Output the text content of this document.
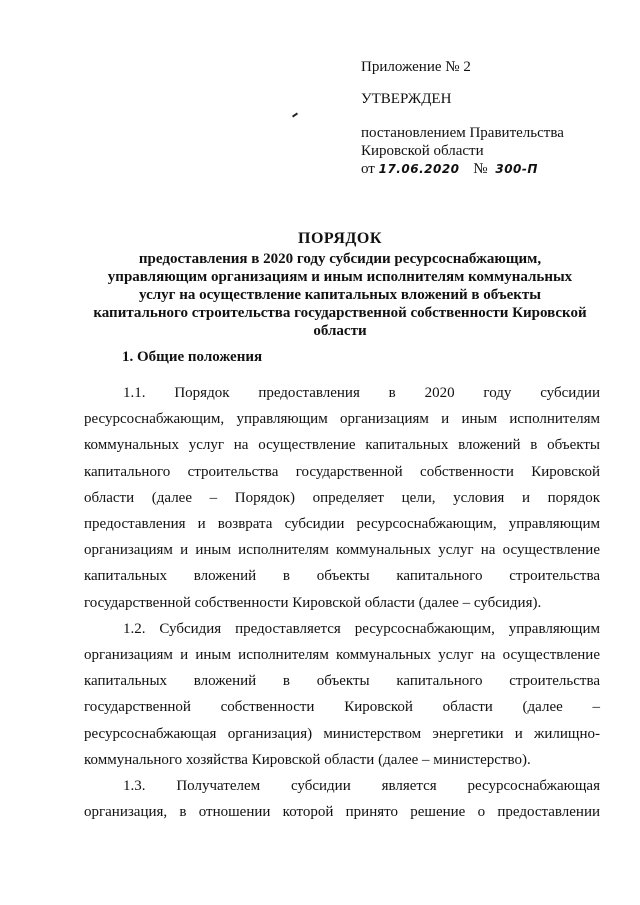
Приложение № 2
УТВЕРЖДЕН
постановлением Правительства
Кировской области
от 17.06.2020 № 300-П
ПОРЯДОК
предоставления в 2020 году субсидии ресурсоснабжающим,
управляющим организациям и иным исполнителям коммунальных
услуг на осуществление капитальных вложений в объекты
капитального строительства государственной собственности Кировской
области
1. Общие положения
1.1. Порядок предоставления в 2020 году субсидии
ресурсоснабжающим, управляющим организациям и иным исполнителям
коммунальных услуг на осуществление капитальных вложений в объекты
капитального строительства государственной собственности Кировской
области (далее – Порядок) определяет цели, условия и порядок
предоставления и возврата субсидии ресурсоснабжающим, управляющим
организациям и иным исполнителям коммунальных услуг на осуществление
капитальных вложений в объекты капитального строительства
государственной собственности Кировской области (далее – субсидия).
1.2. Субсидия предоставляется ресурсоснабжающим, управляющим
организациям и иным исполнителям коммунальных услуг на осуществление
капитальных вложений в объекты капитального строительства
государственной собственности Кировской области (далее –
ресурсоснабжающая организация) министерством энергетики и жилищно-
коммунального хозяйства Кировской области (далее – министерство).
1.3. Получателем субсидии является ресурсоснабжающая
организация, в отношении которой принято решение о предоставлении
